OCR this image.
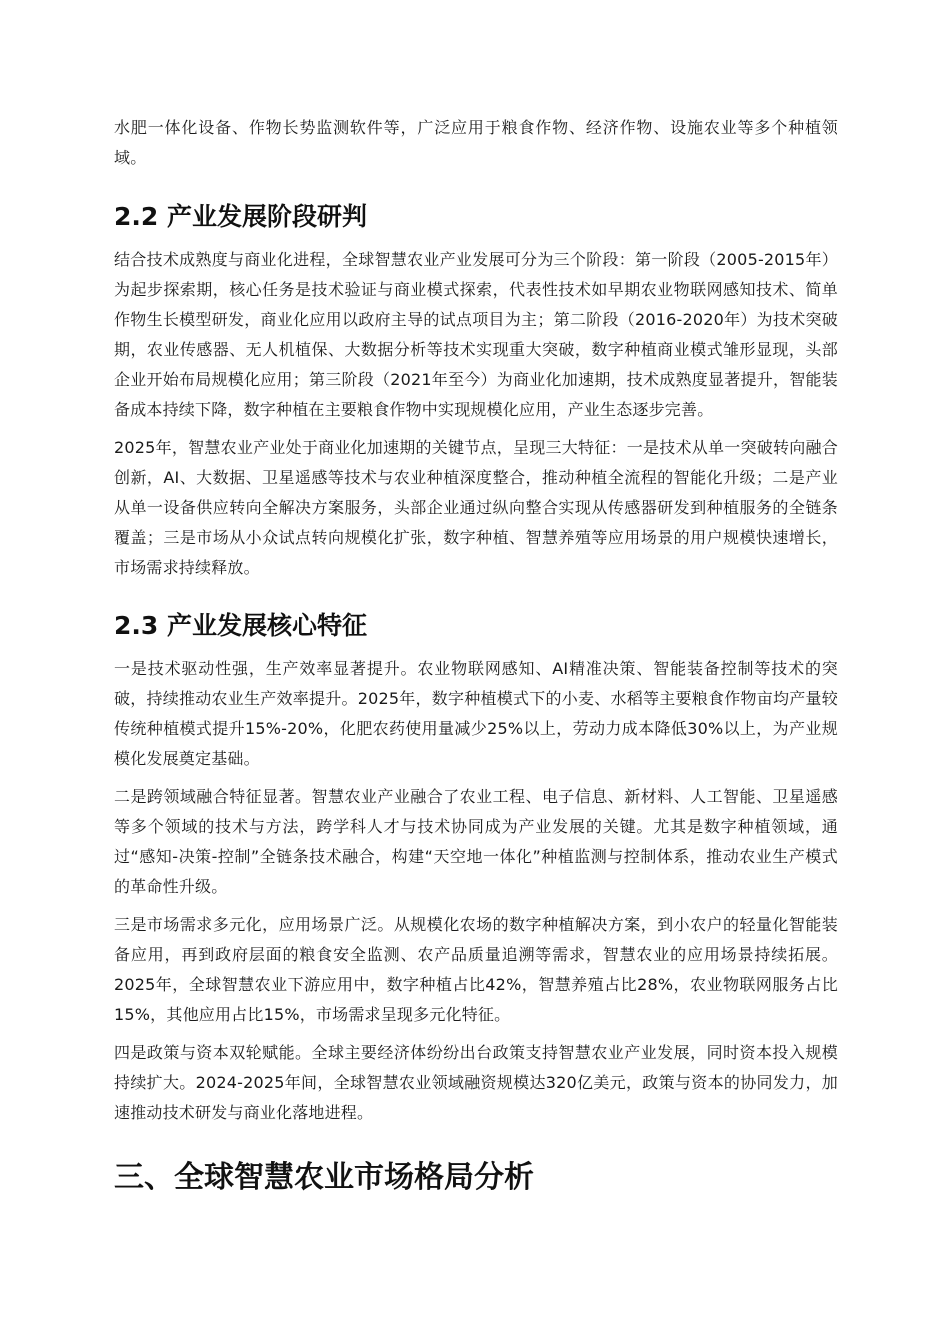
水肥一体化设备、作物长势监测软件等，广泛应用于粮食作物、经济作物、设施农业等多个种植领域。

2.2 产业发展阶段研判

结合技术成熟度与商业化进程，全球智慧农业产业发展可分为三个阶段：第一阶段（2005-2015年）为起步探索期，核心任务是技术验证与商业模式探索，代表性技术如早期农业物联网感知技术、简单作物生长模型研发，商业化应用以政府主导的试点项目为主；第二阶段（2016-2020年）为技术突破期，农业传感器、无人机植保、大数据分析等技术实现重大突破，数字种植商业模式雏形显现，头部企业开始布局规模化应用；第三阶段（2021年至今）为商业化加速期，技术成熟度显著提升，智能装备成本持续下降，数字种植在主要粮食作物中实现规模化应用，产业生态逐步完善。

2025年，智慧农业产业处于商业化加速期的关键节点，呈现三大特征：一是技术从单一突破转向融合创新，AI、大数据、卫星遥感等技术与农业种植深度整合，推动种植全流程的智能化升级；二是产业从单一设备供应转向全解决方案服务，头部企业通过纵向整合实现从传感器研发到种植服务的全链条覆盖；三是市场从小众试点转向规模化扩张，数字种植、智慧养殖等应用场景的用户规模快速增长，市场需求持续释放。

2.3 产业发展核心特征

一是技术驱动性强，生产效率显著提升。农业物联网感知、AI精准决策、智能装备控制等技术的突破，持续推动农业生产效率提升。2025年，数字种植模式下的小麦、水稻等主要粮食作物亩均产量较传统种植模式提升15%-20%，化肥农药使用量减少25%以上，劳动力成本降低30%以上，为产业规模化发展奠定基础。

二是跨领域融合特征显著。智慧农业产业融合了农业工程、电子信息、新材料、人工智能、卫星遥感等多个领域的技术与方法，跨学科人才与技术协同成为产业发展的关键。尤其是数字种植领域，通过“感知-决策-控制”全链条技术融合，构建“天空地一体化”种植监测与控制体系，推动农业生产模式的革命性升级。

三是市场需求多元化，应用场景广泛。从规模化农场的数字种植解决方案，到小农户的轻量化智能装备应用，再到政府层面的粮食安全监测、农产品质量追溯等需求，智慧农业的应用场景持续拓展。2025年，全球智慧农业下游应用中，数字种植占比42%，智慧养殖占比28%，农业物联网服务占比15%，其他应用占比15%，市场需求呈现多元化特征。

四是政策与资本双轮赋能。全球主要经济体纷纷出台政策支持智慧农业产业发展，同时资本投入规模持续扩大。2024-2025年间，全球智慧农业领域融资规模达320亿美元，政策与资本的协同发力，加速推动技术研发与商业化落地进程。

三、全球智慧农业市场格局分析
